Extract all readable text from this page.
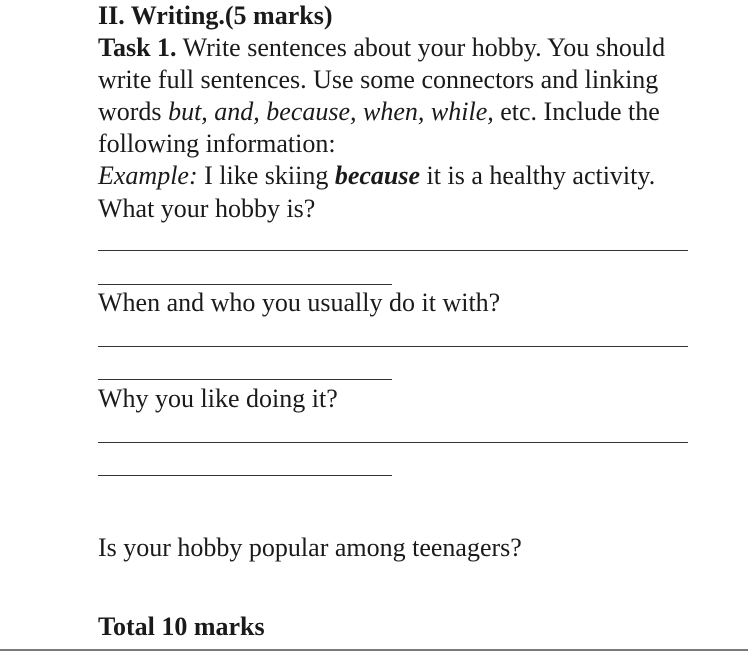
II. Writing.(5 marks)
Task 1. Write sentences about your hobby. You should
write full sentences. Use some connectors and linking
words but, and, because, when, while, etc. Include the
following information:
Example: I like skiing because it is a healthy activity.
What your hobby is?
When and who you usually do it with?
Why you like doing it?
Is your hobby popular among teenagers?
Total 10 marks
